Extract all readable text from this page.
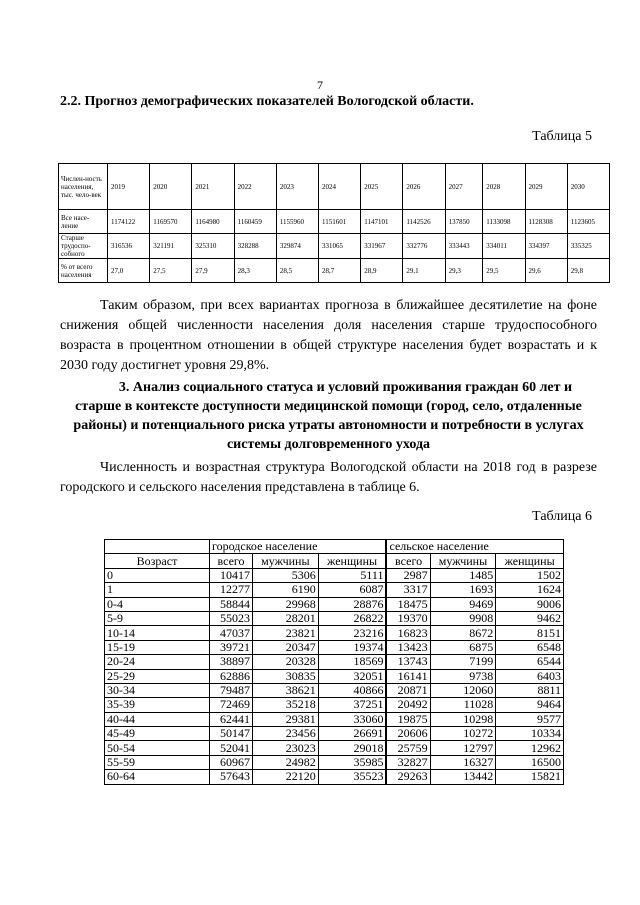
7
2.2. Прогноз демографических показателей Вологодской области.
Таблица 5
Числен-ность населения, тыс. чело-век	2019	2020	2021	2022	2023	2024	2025	2026	2027	2028	2029	2030
Все насе-ление	1174122	1169570	1164980	1160459	1155960	1151601	1147101	1142526	137850	1133098	1128308	1123605
Старше трудоспо-собного	316536	321191	325310	328288	329874	331065	331967	332776	333443	334011	334397	335325
% от всего населения	27,0	27,5	27,9	28,3	28,5	28,7	28,9	29,1	29,3	29,5	29,6	29,8

Таким образом, при всех вариантах прогноза в ближайшее десятилетие на фоне снижения общей численности населения доля населения старше трудоспособного возраста в процентном отношении в общей структуре населения будет возрастать и к 2030 году достигнет уровня 29,8%.

3. Анализ социального статуса и условий проживания граждан 60 лет и
старше в контексте доступности медицинской помощи (город, село, отдаленные районы) и потенциального риска утраты автономности и потребности в услугах системы долговременного ухода

Численность и возрастная структура Вологодской области на 2018 год в разрезе городского и сельского населения представлена в таблице 6.

Таблица 6
	городское население			сельское население		
Возраст	всего	мужчины	женщины	всего	мужчины	женщины
0	10417	5306	5111	2987	1485	1502
1	12277	6190	6087	3317	1693	1624
0-4	58844	29968	28876	18475	9469	9006
5-9	55023	28201	26822	19370	9908	9462
10-14	47037	23821	23216	16823	8672	8151
15-19	39721	20347	19374	13423	6875	6548
20-24	38897	20328	18569	13743	7199	6544
25-29	62886	30835	32051	16141	9738	6403
30-34	79487	38621	40866	20871	12060	8811
35-39	72469	35218	37251	20492	11028	9464
40-44	62441	29381	33060	19875	10298	9577
45-49	50147	23456	26691	20606	10272	10334
50-54	52041	23023	29018	25759	12797	12962
55-59	60967	24982	35985	32827	16327	16500
60-64	57643	22120	35523	29263	13442	15821
